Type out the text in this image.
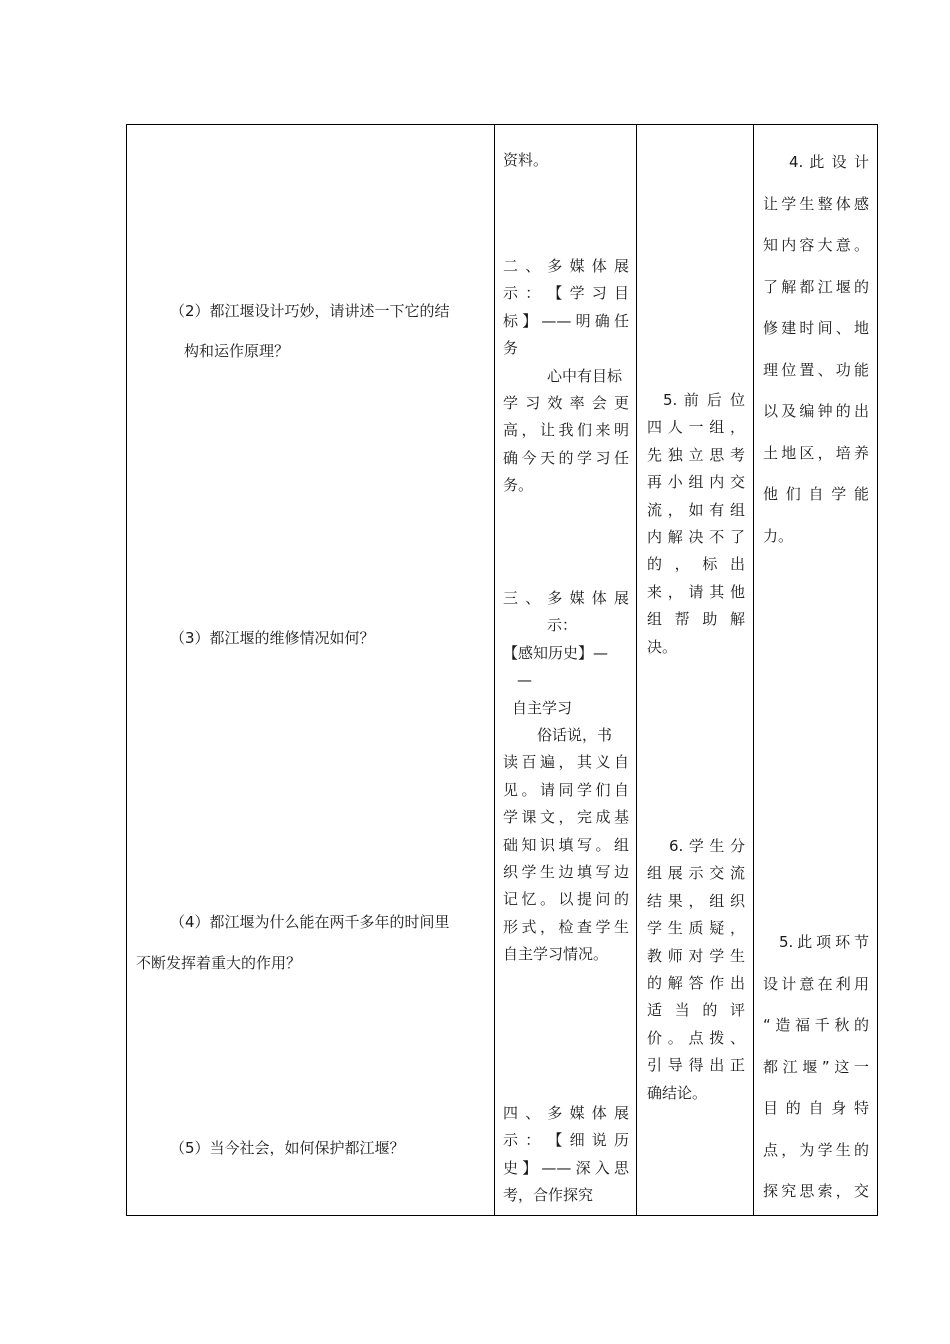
（2）都江堰设计巧妙，请讲述一下它的结
构和运作原理？
（3）都江堰的维修情况如何？
（4）都江堰为什么能在两千多年的时间里
不断发挥着重大的作用？
（5）当今社会，如何保护都江堰？
资料。
二 、 多 媒 体 展
示 ： 【 学 习 目
标】——明确任
务
心中有目标
学 习 效 率 会 更
高，让我们来明
确今天的学习任
务。
三 、 多 媒 体 展
示：
【感知历史】—
—
自主学习
俗话说，书
读百遍，其义自
见。请同学们自
学课文，完成基
础知识填写。组
织学生边填写边
记忆。以提问的
形式，检查学生
自主学习情况。
四 、 多 媒 体 展
示 ： 【 细 说 历
史】——深入思
考，合作探究
5. 前 后 位
四 人 一 组 ，
先独立思考
再 小 组 内 交
流 ， 如 有 组
内 解 决 不 了
的 ， 标 出
来 ， 请 其 他
组 帮 助 解
决。
6.学生分
组展示交流
结 果 ， 组 织
学 生 质 疑 ，
教 师 对 学 生
的解答作出
适 当 的 评
价 。 点 拨 、
引导得出正
确结论。
4. 此 设 计
让学生整体感
知内容大意。
了解都江堰的
修建时间、地
理位置、功能
以及编钟的出
土地区，培养
他 们 自 学 能
力。
5.此项环节
设计意在利用
“造福千秋的
都江堰”这一
目 的 自 身 特
点，为学生的
探究思索，交
